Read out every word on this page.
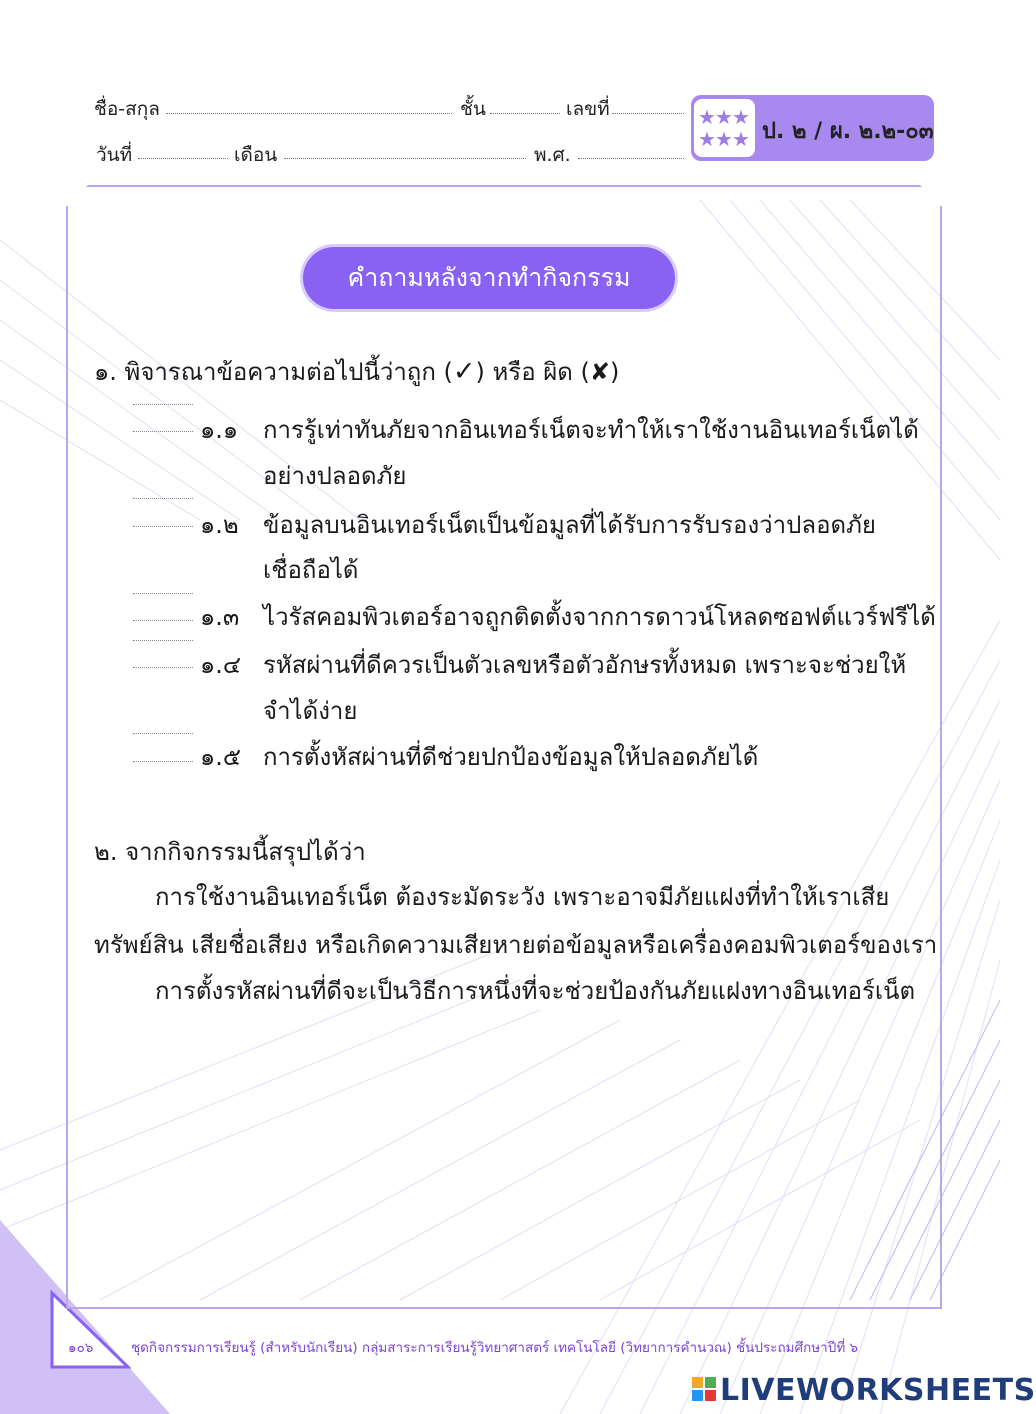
ชื่อ-สกุล	ชั้น	เลขที่
วันที่	เดือน	พ.ศ.
★ ★ ★
★ ★ ★ ป. ๒ / ผ. ๒.๒-๐๓
คำถามหลังจากทำกิจกรรม
๑. พิจารณาข้อความต่อไปนี้ว่าถูก (✓) หรือ ผิด (✘)
๑.๑ การรู้เท่าทันภัยจากอินเทอร์เน็ตจะทำให้เราใช้งานอินเทอร์เน็ตได้
อย่างปลอดภัย
๑.๒ ข้อมูลบนอินเทอร์เน็ตเป็นข้อมูลที่ได้รับการรับรองว่าปลอดภัย
เชื่อถือได้
๑.๓ ไวรัสคอมพิวเตอร์อาจถูกติดตั้งจากการดาวน์โหลดซอฟต์แวร์ฟรีได้
๑.๔ รหัสผ่านที่ดีควรเป็นตัวเลขหรือตัวอักษรทั้งหมด เพราะจะช่วยให้
จำได้ง่าย
๑.๕ การตั้งหัสผ่านที่ดีช่วยปกป้องข้อมูลให้ปลอดภัยได้
๒. จากกิจกรรมนี้สรุปได้ว่า
การใช้งานอินเทอร์เน็ต ต้องระมัดระวัง เพราะอาจมีภัยแฝงที่ทำให้เราเสีย
ทรัพย์สิน เสียชื่อเสียง หรือเกิดความเสียหายต่อข้อมูลหรือเครื่องคอมพิวเตอร์ของเรา
การตั้งรหัสผ่านที่ดีจะเป็นวิธีการหนึ่งที่จะช่วยป้องกันภัยแฝงทางอินเทอร์เน็ต
๑๐๖	ชุดกิจกรรมการเรียนรู้ (สำหรับนักเรียน) กลุ่มสาระการเรียนรู้วิทยาศาสตร์ เทคโนโลยี (วิทยาการคำนวณ) ชั้นประถมศึกษาปีที่ ๖
LIVEWORKSHEETS
